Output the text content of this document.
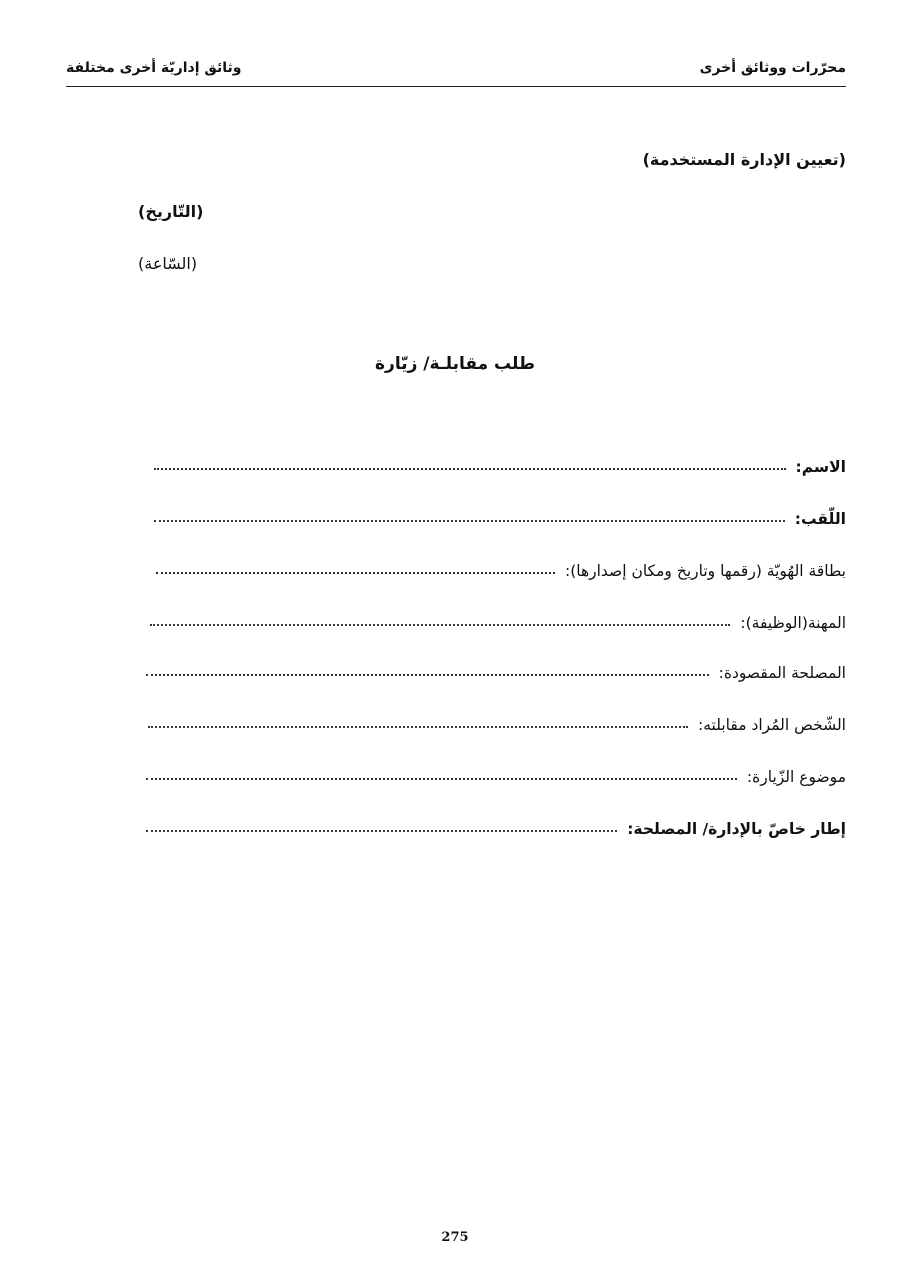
محرّرات ووثائق أخرى
وثائق إداريّة أخرى مختلفة
(تعيين الإدارة المستخدمة)
(التّاريخ)
(السّاعة)
طلب مقابلـة/ زيّارة
الاسم:
اللّقب:
بطاقة الهُويّة (رقمها وتاريخ ومكان إصدارها):
المهنة(الوظيفة):
المصلحة المقصودة:
الشّخص المُراد مقابلته:
موضوع الزّيارة:
إطار خاصّ بالإدارة/ المصلحة:
275
